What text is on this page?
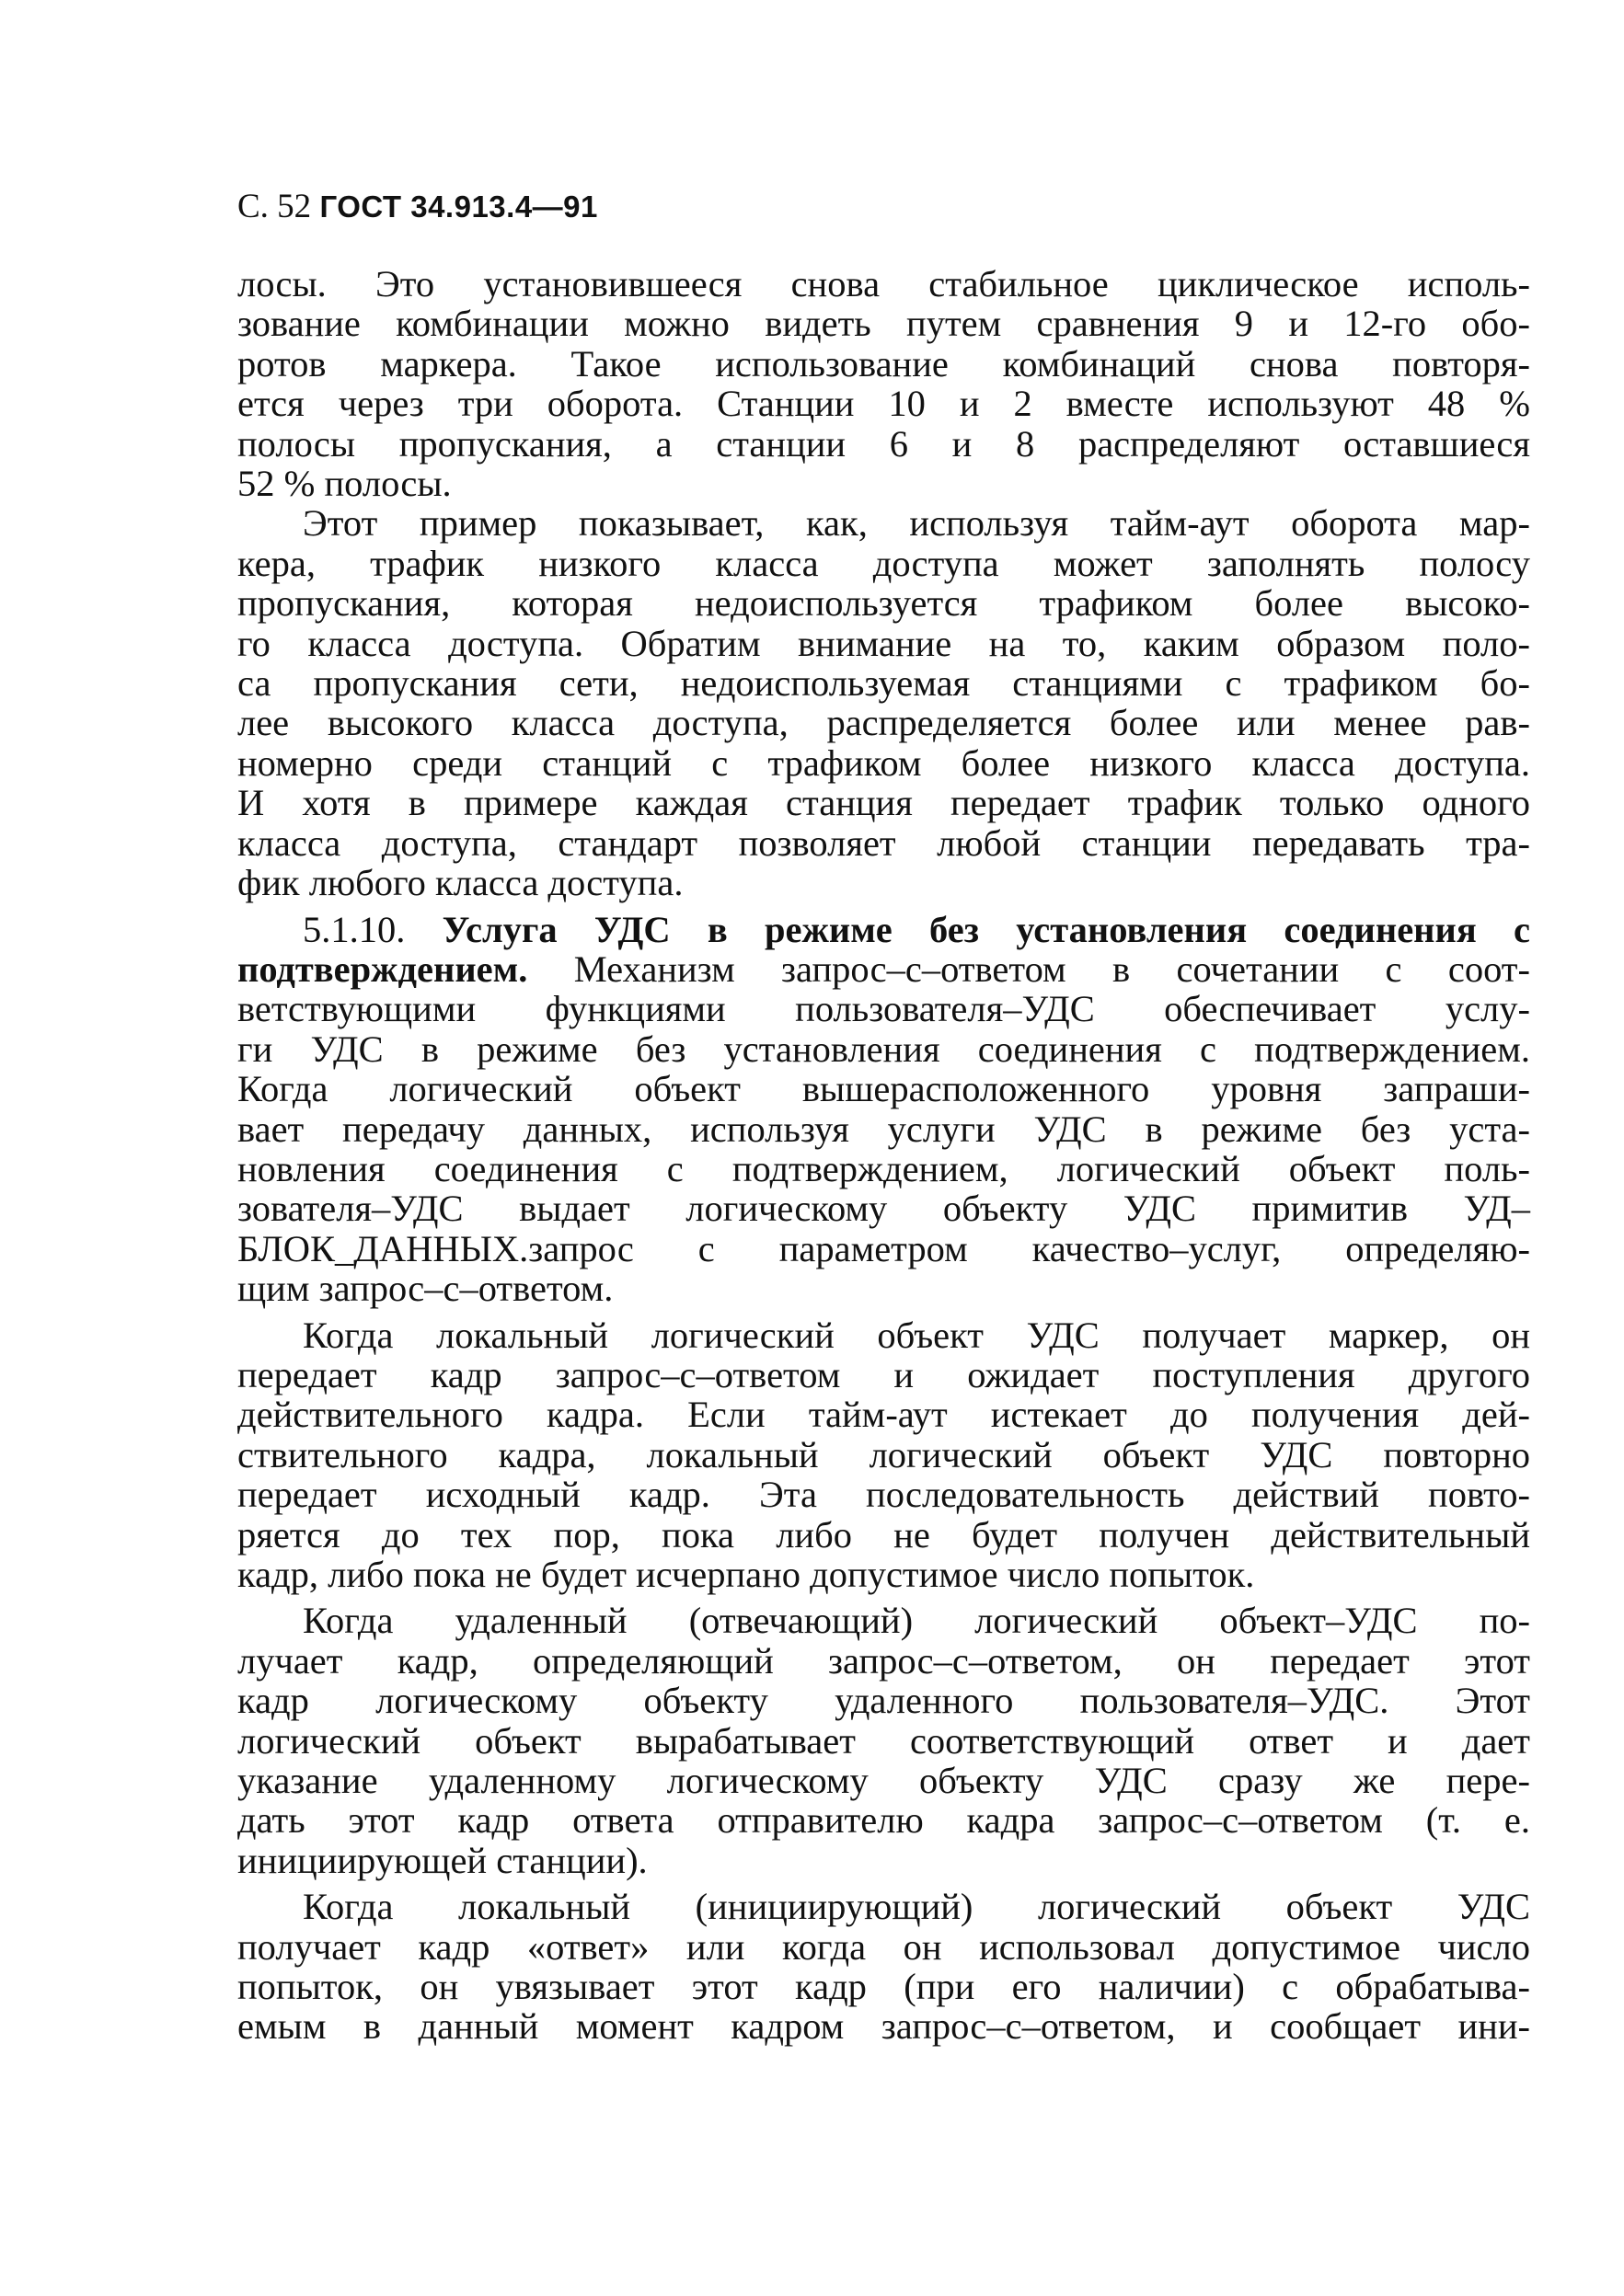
С. 52 ГОСТ 34.913.4—91
лосы. Это установившееся снова стабильное циклическое исполь-
зование комбинации можно видеть путем сравнения 9 и 12-го обо-
ротов маркера. Такое использование комбинаций снова повторя-
ется через три оборота. Станции 10 и 2 вместе используют 48 %
полосы пропускания, а станции 6 и 8 распределяют оставшиеся
52 % полосы.
Этот пример показывает, как, используя тайм-аут оборота мар-
кера, трафик низкого класса доступа может заполнять полосу
пропускания, которая недоиспользуется трафиком более высоко-
го класса доступа. Обратим внимание на то, каким образом поло-
са пропускания сети, недоиспользуемая станциями с трафиком бо-
лее высокого класса доступа, распределяется более или менее рав-
номерно среди станций с трафиком более низкого класса доступа.
И хотя в примере каждая станция передает трафик только одного
класса доступа, стандарт позволяет любой станции передавать тра-
фик любого класса доступа.
5.1.10. Услуга УДС в режиме без установления соединения с
подтверждением. Механизм запрос–с–ответом в сочетании с соот-
ветствующими функциями пользователя–УДС обеспечивает услу-
ги УДС в режиме без установления соединения с подтверждением.
Когда логический объект вышерасположенного уровня запраши-
вает передачу данных, используя услуги УДС в режиме без уста-
новления соединения с подтверждением, логический объект поль-
зователя–УДС выдает логическому объекту УДС примитив УД–
БЛОК_ДАННЫХ.запрос с параметром качество–услуг, определяю-
щим запрос–с–ответом.
Когда локальный логический объект УДС получает маркер, он
передает кадр запрос–с–ответом и ожидает поступления другого
действительного кадра. Если тайм-аут истекает до получения дей-
ствительного кадра, локальный логический объект УДС повторно
передает исходный кадр. Эта последовательность действий повто-
ряется до тех пор, пока либо не будет получен действительный
кадр, либо пока не будет исчерпано допустимое число попыток.
Когда удаленный (отвечающий) логический объект–УДС по-
лучает кадр, определяющий запрос–с–ответом, он передает этот
кадр логическому объекту удаленного пользователя–УДС. Этот
логический объект вырабатывает соответствующий ответ и дает
указание удаленному логическому объекту УДС сразу же пере-
дать этот кадр ответа отправителю кадра запрос–с–ответом (т. е.
инициирующей станции).
Когда локальный (инициирующий) логический объект УДС
получает кадр «ответ» или когда он использовал допустимое число
попыток, он увязывает этот кадр (при его наличии) с обрабатыва-
емым в данный момент кадром запрос–с–ответом, и сообщает ини-
